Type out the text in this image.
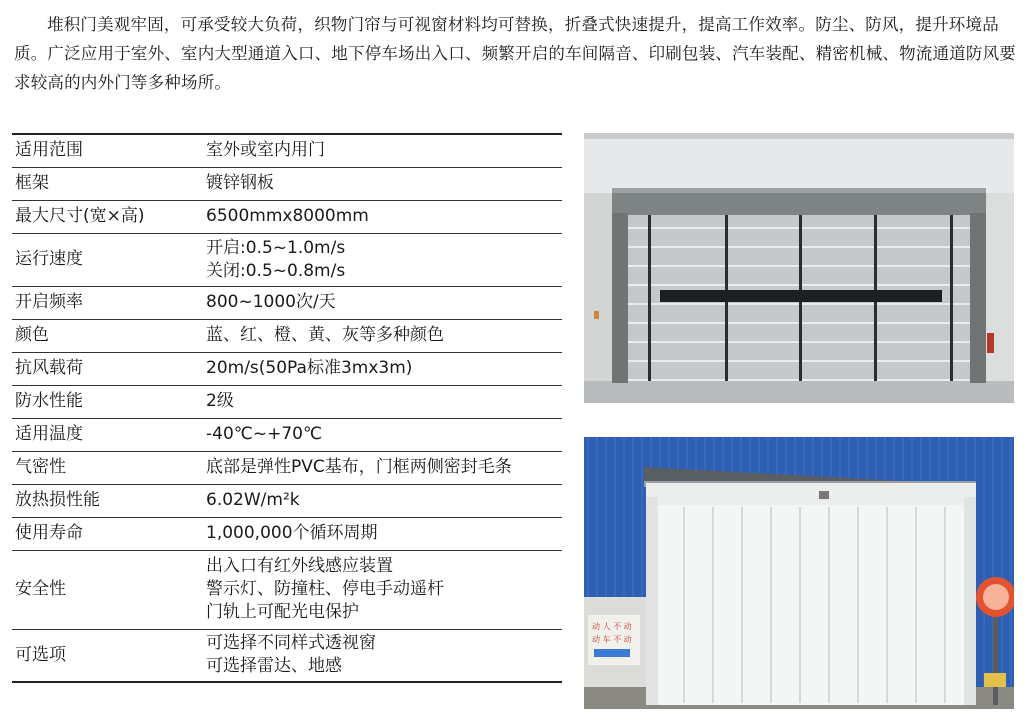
堆积门美观牢固，可承受较大负荷，织物门帘与可视窗材料均可替换，折叠式快速提升，提高工作效率。防尘、防风，提升环境品质。广泛应用于室外、室内大型通道入口、地下停车场出入口、频繁开启的车间隔音、印刷包装、汽车装配、精密机械、物流通道防风要求较高的内外门等多种场所。

适用范围	室外或室内用门

框架	镀锌钢板

最大尺寸(宽×高)	6500mmx8000mm

运行速度	开启:0.5~1.0m/s
关闭:0.5~0.8m/s

开启频率	800~1000次/天

颜色	蓝、红、橙、黄、灰等多种颜色

抗风载荷	20m/s(50Pa标准3mx3m)

防水性能	2级

适用温度	-40℃~+70℃

气密性	底部是弹性PVC基布，门框两侧密封毛条

放热损性能	6.02W/m²k

使用寿命	1,000,000个循环周期

安全性	出入口有红外线感应装置
警示灯、防撞柱、停电手动遥杆
门轨上可配光电保护

可选项	可选择不同样式透视窗
可选择雷达、地感
动 人 不 动
动 车 不 动
